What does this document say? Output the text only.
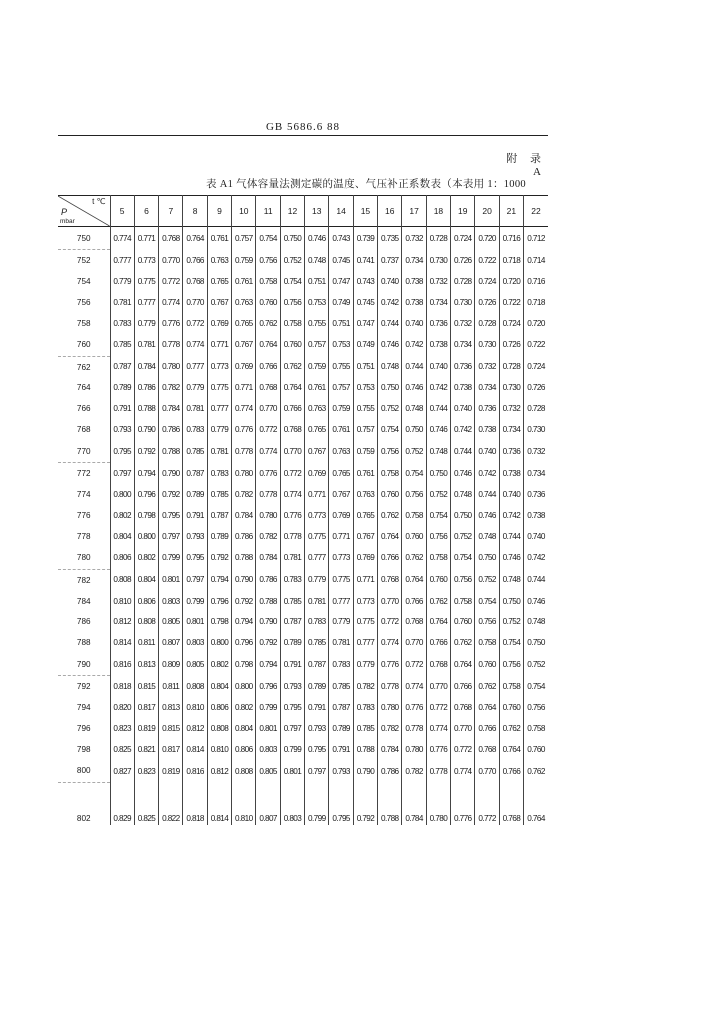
GB 5686.6 88
附 录 A
表 A1 气体容量法测定碳的温度、气压补正系数表（本表用 1：1000
t ℃
P
mbar	5	6	7	8	9	10	11	12	13	14	15	16	17	18	19	20	21	22
750	0.774	0.771	0.768	0.764	0.761	0.757	0.754	0.750	0.746	0.743	0.739	0.735	0.732	0.728	0.724	0.720	0.716	0.712
752	0.777	0.773	0.770	0.766	0.763	0.759	0.756	0.752	0.748	0.745	0.741	0.737	0.734	0.730	0.726	0.722	0.718	0.714
754	0.779	0.775	0.772	0.768	0.765	0.761	0.758	0.754	0.751	0.747	0.743	0.740	0.738	0.732	0.728	0.724	0.720	0.716
756	0.781	0.777	0.774	0.770	0.767	0.763	0.760	0.756	0.753	0.749	0.745	0.742	0.738	0.734	0.730	0.726	0.722	0.718
758	0.783	0.779	0.776	0.772	0.769	0.765	0.762	0.758	0.755	0.751	0.747	0.744	0.740	0.736	0.732	0.728	0.724	0.720
760	0.785	0.781	0.778	0.774	0.771	0.767	0.764	0.760	0.757	0.753	0.749	0.746	0.742	0.738	0.734	0.730	0.726	0.722
762	0.787	0.784	0.780	0.777	0.773	0.769	0.766	0.762	0.759	0.755	0.751	0.748	0.744	0.740	0.736	0.732	0.728	0.724
764	0.789	0.786	0.782	0.779	0.775	0.771	0.768	0.764	0.761	0.757	0.753	0.750	0.746	0.742	0.738	0.734	0.730	0.726
766	0.791	0.788	0.784	0.781	0.777	0.774	0.770	0.766	0.763	0.759	0.755	0.752	0.748	0.744	0.740	0.736	0.732	0.728
768	0.793	0.790	0.786	0.783	0.779	0.776	0.772	0.768	0.765	0.761	0.757	0.754	0.750	0.746	0.742	0.738	0.734	0.730
770	0.795	0.792	0.788	0.785	0.781	0.778	0.774	0.770	0.767	0.763	0.759	0.756	0.752	0.748	0.744	0.740	0.736	0.732
772	0.797	0.794	0.790	0.787	0.783	0.780	0.776	0.772	0.769	0.765	0.761	0.758	0.754	0.750	0.746	0.742	0.738	0.734
774	0.800	0.796	0.792	0.789	0.785	0.782	0.778	0.774	0.771	0.767	0.763	0.760	0.756	0.752	0.748	0.744	0.740	0.736
776	0.802	0.798	0.795	0.791	0.787	0.784	0.780	0.776	0.773	0.769	0.765	0.762	0.758	0.754	0.750	0.746	0.742	0.738
778	0.804	0.800	0.797	0.793	0.789	0.786	0.782	0.778	0.775	0.771	0.767	0.764	0.760	0.756	0.752	0.748	0.744	0.740
780	0.806	0.802	0.799	0.795	0.792	0.788	0.784	0.781	0.777	0.773	0.769	0.766	0.762	0.758	0.754	0.750	0.746	0.742
782	0.808	0.804	0.801	0.797	0.794	0.790	0.786	0.783	0.779	0.775	0.771	0.768	0.764	0.760	0.756	0.752	0.748	0.744
784	0.810	0.806	0.803	0.799	0.796	0.792	0.788	0.785	0.781	0.777	0.773	0.770	0.766	0.762	0.758	0.754	0.750	0.746
786	0.812	0.808	0.805	0.801	0.798	0.794	0.790	0.787	0.783	0.779	0.775	0.772	0.768	0.764	0.760	0.756	0.752	0.748
788	0.814	0.811	0.807	0.803	0.800	0.796	0.792	0.789	0.785	0.781	0.777	0.774	0.770	0.766	0.762	0.758	0.754	0.750
790	0.816	0.813	0.809	0.805	0.802	0.798	0.794	0.791	0.787	0.783	0.779	0.776	0.772	0.768	0.764	0.760	0.756	0.752
792	0.818	0.815	0.811	0.808	0.804	0.800	0.796	0.793	0.789	0.785	0.782	0.778	0.774	0.770	0.766	0.762	0.758	0.754
794	0.820	0.817	0.813	0.810	0.806	0.802	0.799	0.795	0.791	0.787	0.783	0.780	0.776	0.772	0.768	0.764	0.760	0.756
796	0.823	0.819	0.815	0.812	0.808	0.804	0.801	0.797	0.793	0.789	0.785	0.782	0.778	0.774	0.770	0.766	0.762	0.758
798	0.825	0.821	0.817	0.814	0.810	0.806	0.803	0.799	0.795	0.791	0.788	0.784	0.780	0.776	0.772	0.768	0.764	0.760
800	0.827	0.823	0.819	0.816	0.812	0.808	0.805	0.801	0.797	0.793	0.790	0.786	0.782	0.778	0.774	0.770	0.766	0.762
802	0.829	0.825	0.822	0.818	0.814	0.810	0.807	0.803	0.799	0.795	0.792	0.788	0.784	0.780	0.776	0.772	0.768	0.764
